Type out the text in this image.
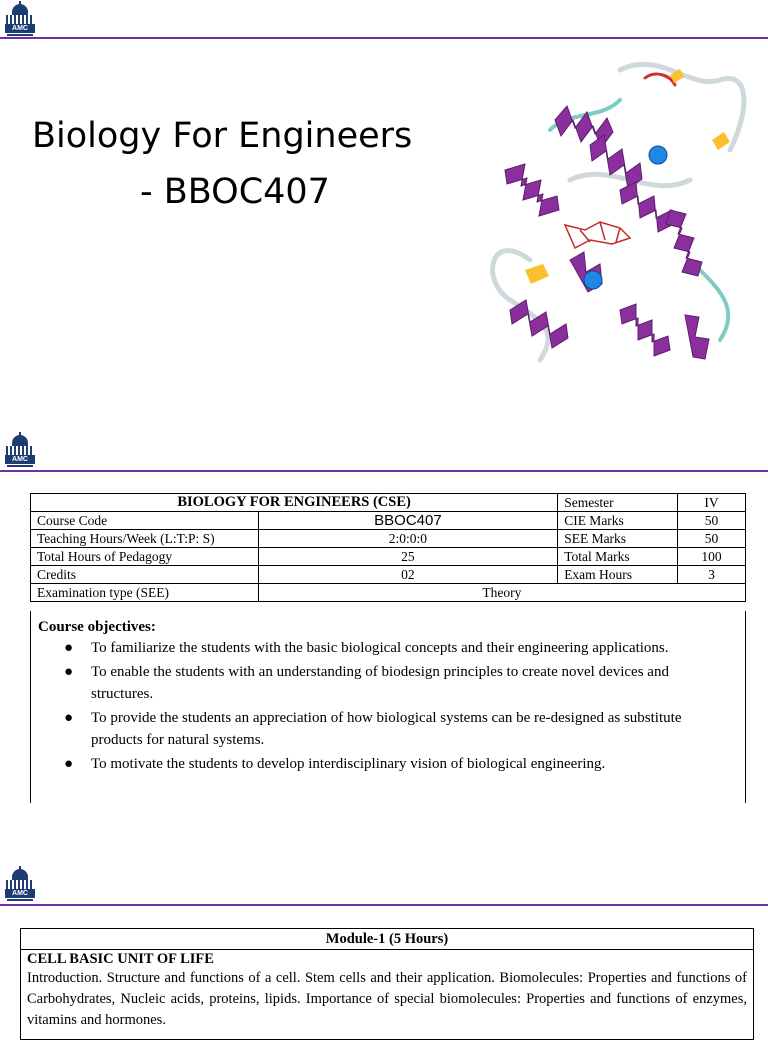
AMC
Biology For Engineers
- BBOC407
AMC
BIOLOGY FOR ENGINEERS (CSE)		Semester	IV
Course Code	BBOC407	CIE Marks	50
Teaching Hours/Week (L:T:P: S)	2:0:0:0	SEE Marks	50
Total Hours of Pedagogy	25	Total Marks	100
Credits	02	Exam Hours	3
Examination type (SEE)	Theory		
Course objectives:
● To familiarize the students with the basic biological concepts and their engineering applications.
● To enable the students with an understanding of biodesign principles to create novel devices and structures.
● To provide the students an appreciation of how biological systems can be re-designed as substitute products for natural systems.
● To motivate the students to develop interdisciplinary vision of biological engineering.
AMC
Module-1 (5 Hours)
CELL BASIC UNIT OF LIFE
Introduction. Structure and functions of a cell. Stem cells and their application. Biomolecules: Properties and functions of Carbohydrates, Nucleic acids, proteins, lipids. Importance of special biomolecules: Properties and functions of enzymes, vitamins and hormones.
